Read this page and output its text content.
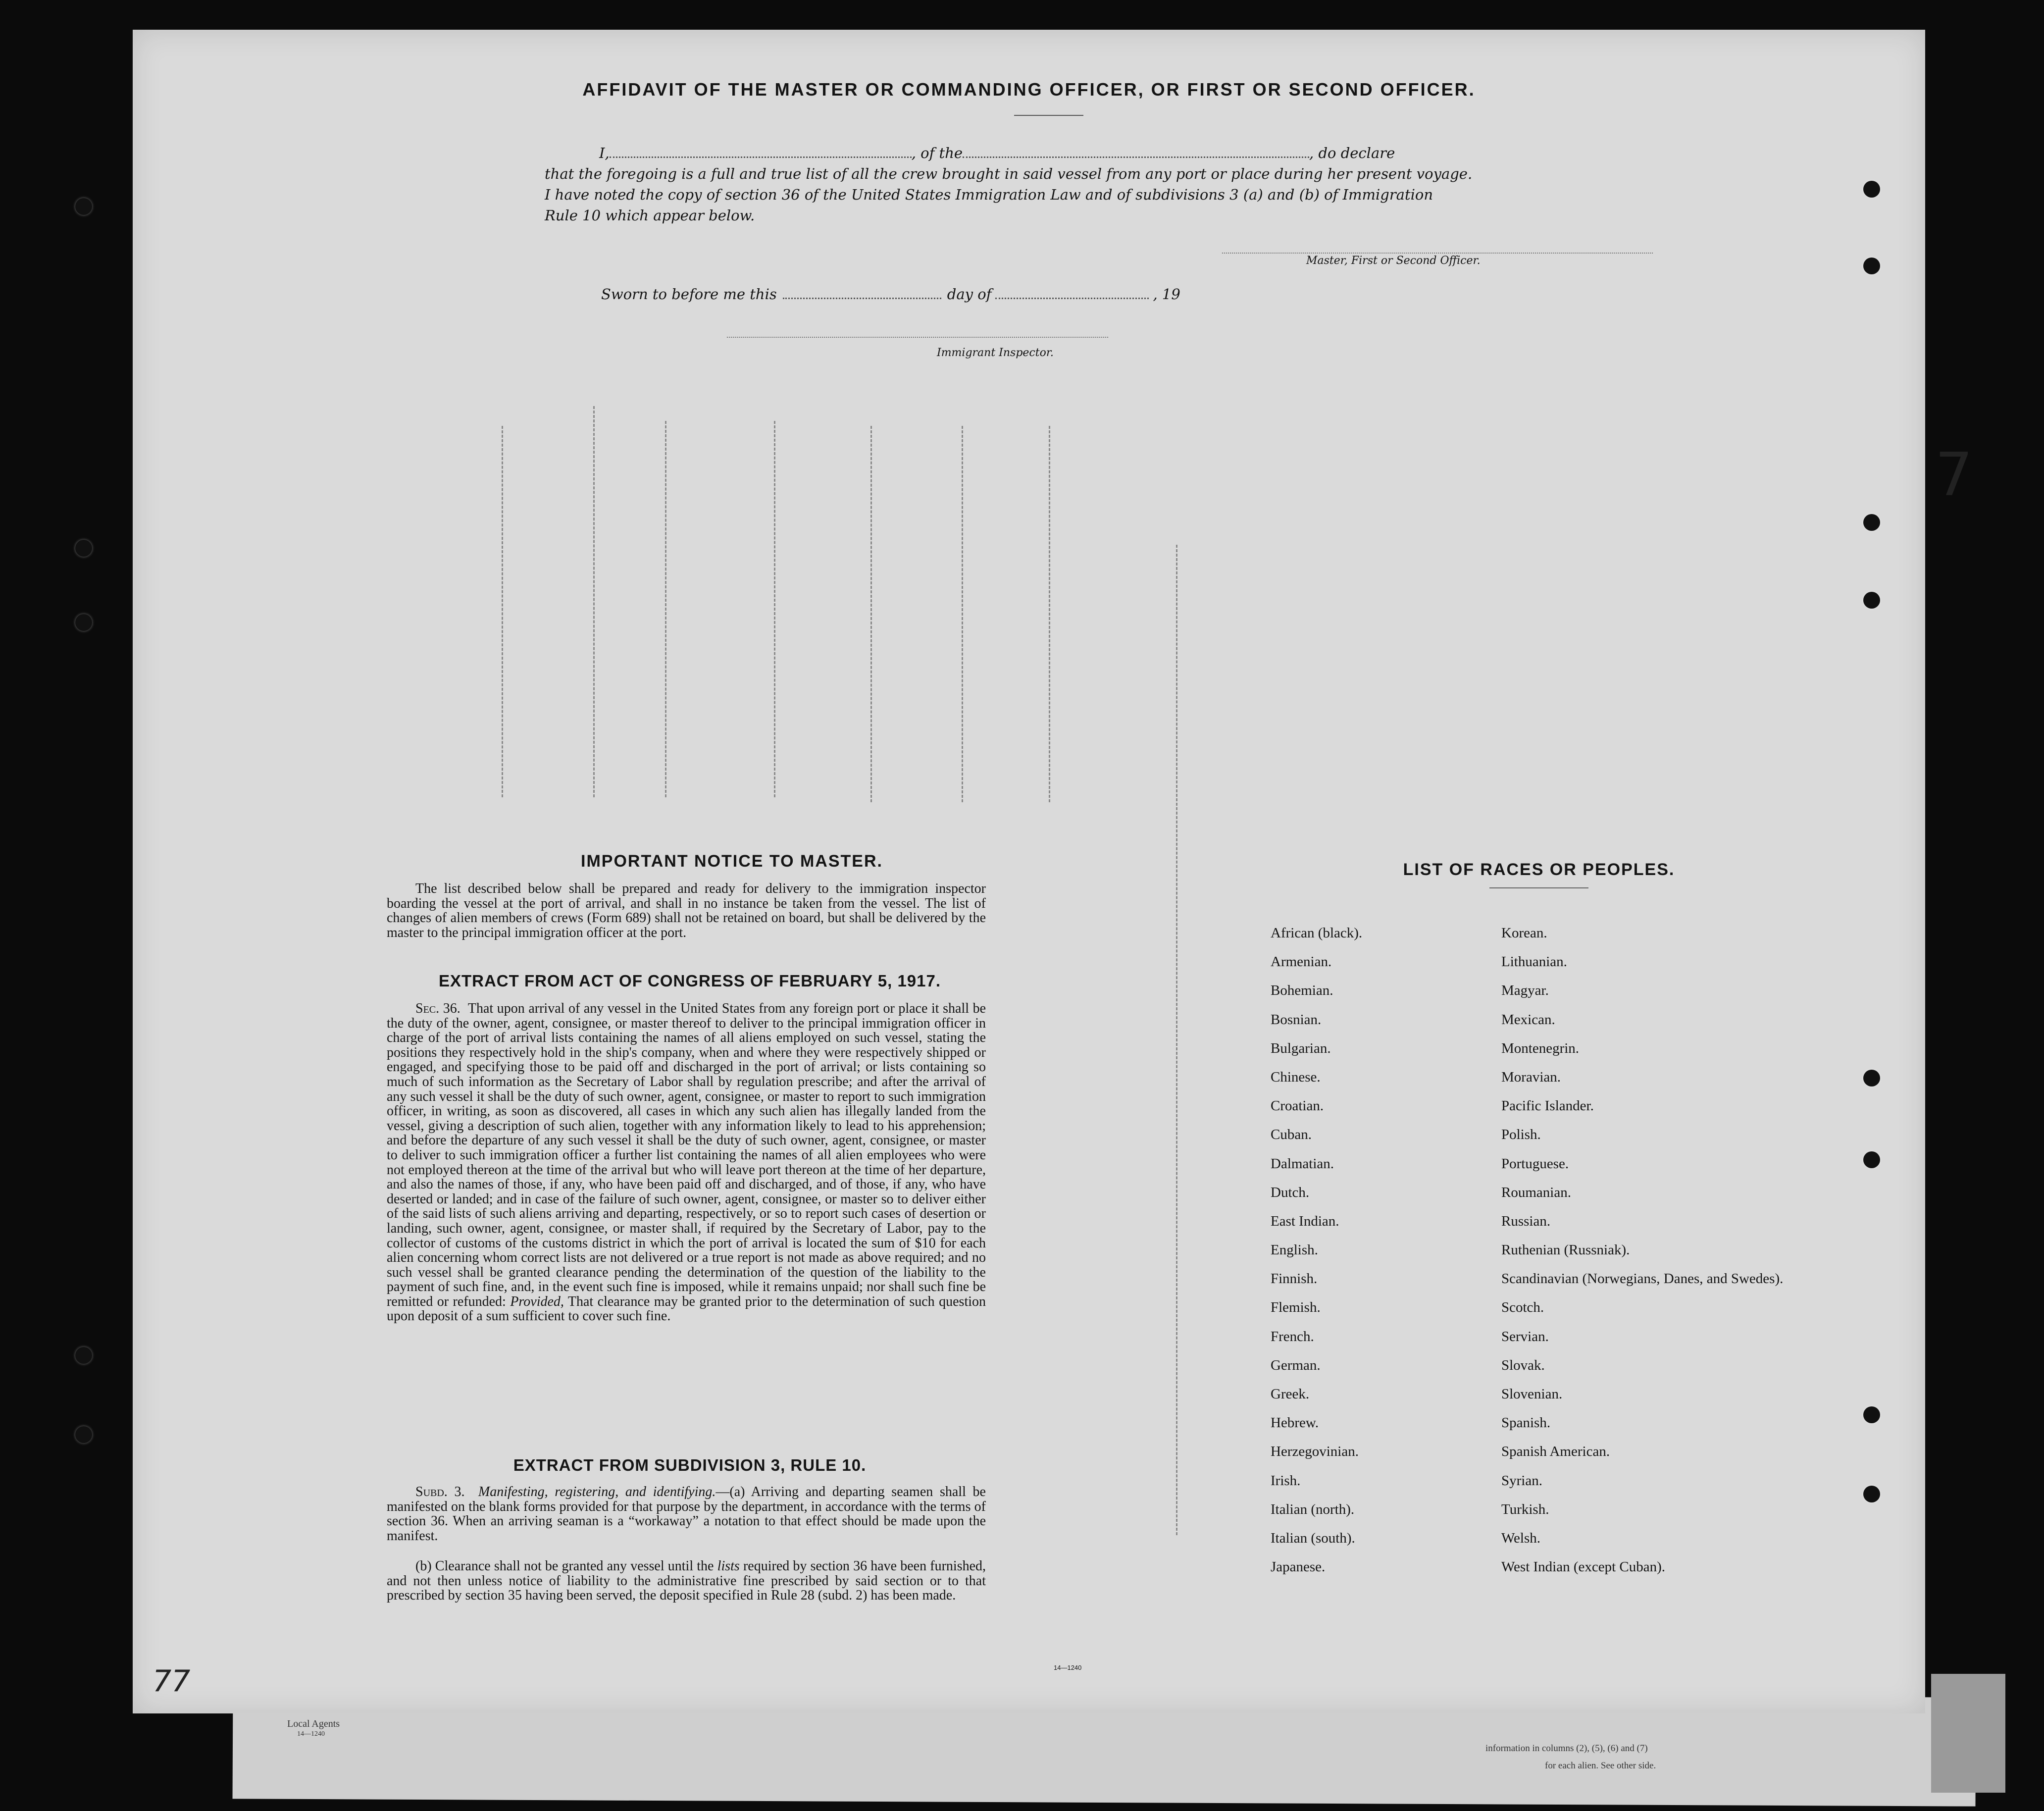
Local Agents
14—1240
information in columns (2), (5), (6) and (7)
for each alien. See other side.
AFFIDAVIT OF THE MASTER OR COMMANDING OFFICER, OR FIRST OR SECOND OFFICER.
I,	, of the	, do declare
that the foregoing is a full and true list of all the crew brought in said vessel from any port or place during her present voyage.
I have noted the copy of section 36 of the United States Immigration Law and of subdivisions 3 (a) and (b) of Immigration
Rule 10 which appear below.
Master, First or Second Officer.
Sworn to before me this	day of	, 19
Immigrant Inspector.
IMPORTANT NOTICE TO MASTER.
The list described below shall be prepared and ready for delivery to the immigration inspector boarding the vessel at the port of arrival, and shall in no instance be taken from the vessel. The list of changes of alien members of crews (Form 689) shall not be retained on board, but shall be delivered by the master to the principal immigration officer at the port.
EXTRACT FROM ACT OF CONGRESS OF FEBRUARY 5, 1917.
Sec. 36. That upon arrival of any vessel in the United States from any foreign port or place it shall be the duty of the owner, agent, consignee, or master thereof to deliver to the principal immigration officer in charge of the port of arrival lists containing the names of all aliens employed on such vessel, stating the positions they respectively hold in the ship's company, when and where they were respectively shipped or engaged, and specifying those to be paid off and discharged in the port of arrival; or lists containing so much of such information as the Secretary of Labor shall by regulation prescribe; and after the arrival of any such vessel it shall be the duty of such owner, agent, consignee, or master to report to such immigration officer, in writing, as soon as discovered, all cases in which any such alien has illegally landed from the vessel, giving a description of such alien, together with any information likely to lead to his apprehension; and before the departure of any such vessel it shall be the duty of such owner, agent, consignee, or master to deliver to such immigration officer a further list containing the names of all alien employees who were not employed thereon at the time of the arrival but who will leave port thereon at the time of her departure, and also the names of those, if any, who have been paid off and discharged, and of those, if any, who have deserted or landed; and in case of the failure of such owner, agent, consignee, or master so to deliver either of the said lists of such aliens arriving and departing, respectively, or so to report such cases of desertion or landing, such owner, agent, consignee, or master shall, if required by the Secretary of Labor, pay to the collector of customs of the customs district in which the port of arrival is located the sum of $10 for each alien concerning whom correct lists are not delivered or a true report is not made as above required; and no such vessel shall be granted clearance pending the determination of the question of the liability to the payment of such fine, and, in the event such fine is imposed, while it remains unpaid; nor shall such fine be remitted or refunded: Provided, That clearance may be granted prior to the determination of such question upon deposit of a sum sufficient to cover such fine.
EXTRACT FROM SUBDIVISION 3, RULE 10.
Subd. 3. Manifesting, registering, and identifying.—(a) Arriving and departing seamen shall be manifested on the blank forms provided for that purpose by the department, in accordance with the terms of section 36. When an arriving seaman is a “workaway” a notation to that effect should be made upon the manifest.
(b) Clearance shall not be granted any vessel until the lists required by section 36 have been furnished, and not then unless notice of liability to the administrative fine prescribed by said section or to that prescribed by section 35 having been served, the deposit specified in Rule 28 (subd. 2) has been made.
14—1240
LIST OF RACES OR PEOPLES.
African (black).
Armenian.
Bohemian.
Bosnian.
Bulgarian.
Chinese.
Croatian.
Cuban.
Dalmatian.
Dutch.
East Indian.
English.
Finnish.
Flemish.
French.
German.
Greek.
Hebrew.
Herzegovinian.
Irish.
Italian (north).
Italian (south).
Japanese.
Korean.
Lithuanian.
Magyar.
Mexican.
Montenegrin.
Moravian.
Pacific Islander.
Polish.
Portuguese.
Roumanian.
Russian.
Ruthenian (Russniak).
Scandinavian (Norwegians, Danes, and Swedes).
Scotch.
Servian.
Slovak.
Slovenian.
Spanish.
Spanish American.
Syrian.
Turkish.
Welsh.
West Indian (except Cuban).
77
7
